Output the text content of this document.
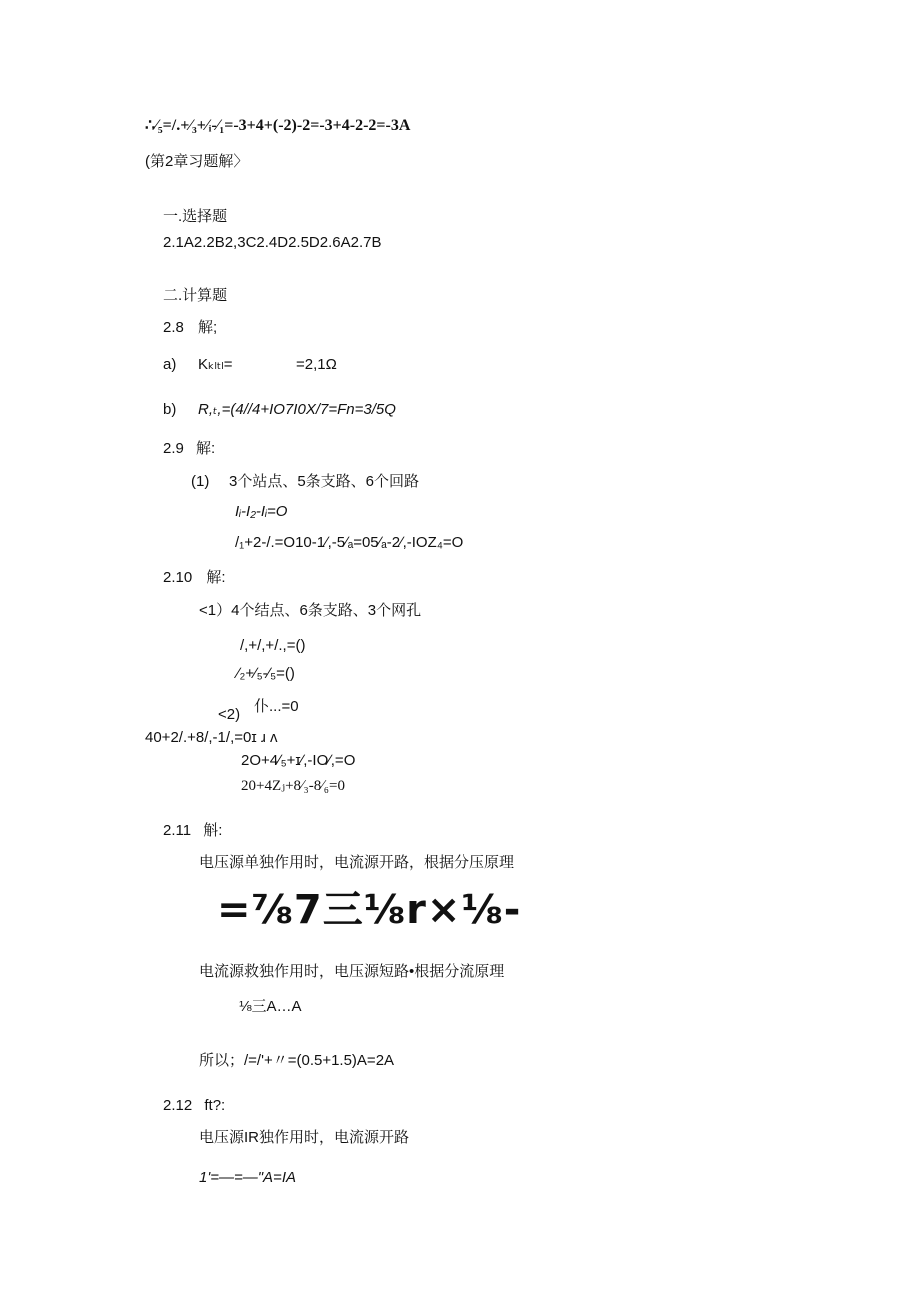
∴∕₅=/.+∕₃+∕ᵢ-∕₁=-3+4+(-2)-2=-3+4-2-2=-3A
(第2章习题解〉
一.选择题
2.1A2.2B2,3C2.4D2.5D2.6A2.7B
二.计算题
2.8 解;
a) Kₖₗₜₗ=	=2,1Ω
b) R,ₜ,=(4//4+IO7I0X/7=Fn=3/5Q
2.9 解:
(1) 3个站点、5条支路、6个回路
Iᵢ-I₂-Iᵢ=O
/₁+2-/.=O10-1∕,-5∕ₐ=05∕ₐ-2∕,-IOZ₄=O
2.10 解:
<1）4个结点、6条支路、3个网孔
/,+/,+/.,=()
∕₂+∕₅-∕₅=()
<2) 仆...=0
40+2/.+8/,-1/,=0ɪ ɹ ʌ
2O+4∕₅+ɪ∕,-IO∕,=O
20+4Zⱼ+8∕₃-8∕₆=0
2.11 斛:
电压源单独作用时，电流源开路，根据分压原理
=⅞7三⅛r×⅛-
电流源救独作用时，电压源短路•根据分流原理
⅛三A…A
所以；/=/'+〃=(0.5+1.5)A=2A
2.12 ft?:
电压源IR独作用时，电流源开路
1'=—=—"A=IA
